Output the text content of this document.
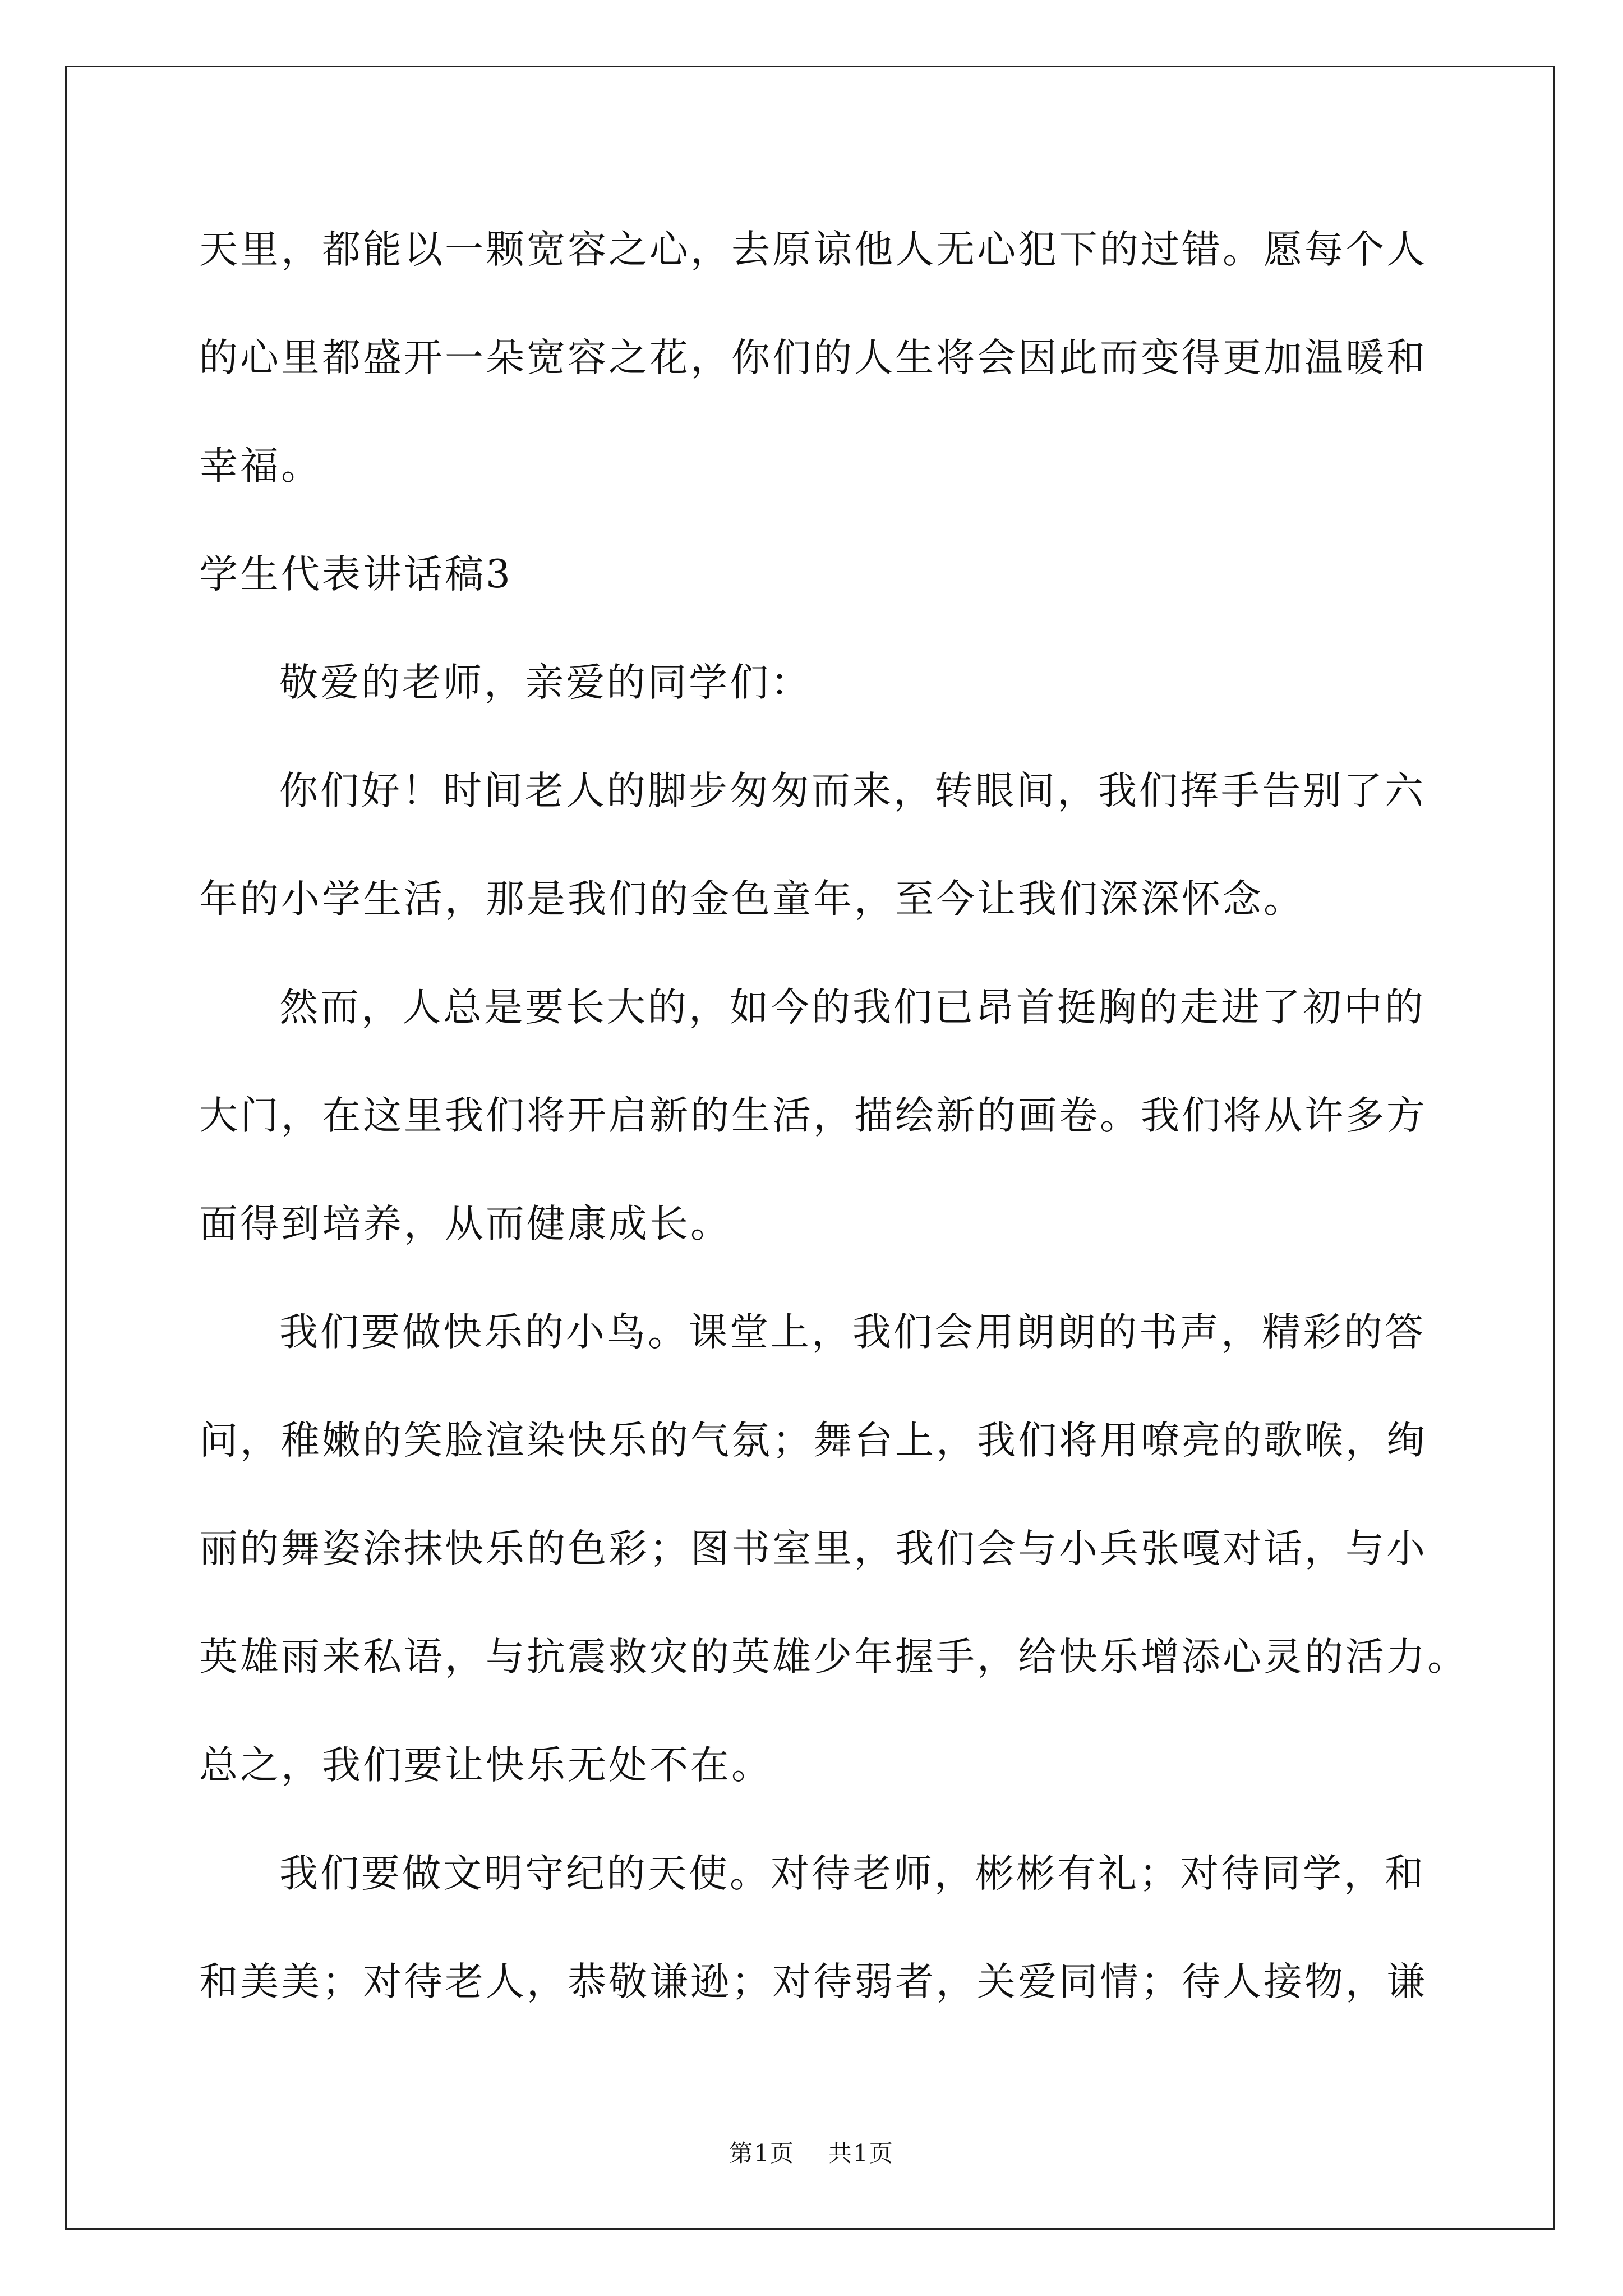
天里，都能以一颗宽容之心，去原谅他人无心犯下的过错。愿每个人
的心里都盛开一朵宽容之花，你们的人生将会因此而变得更加温暖和
幸福。
学生代表讲话稿3
敬爱的老师，亲爱的同学们：
你们好！时间老人的脚步匆匆而来，转眼间，我们挥手告别了六
年的小学生活，那是我们的金色童年，至今让我们深深怀念。
然而，人总是要长大的，如今的我们已昂首挺胸的走进了初中的
大门，在这里我们将开启新的生活，描绘新的画卷。我们将从许多方
面得到培养，从而健康成长。
我们要做快乐的小鸟。课堂上，我们会用朗朗的书声，精彩的答
问，稚嫩的笑脸渲染快乐的气氛；舞台上，我们将用嘹亮的歌喉，绚
丽的舞姿涂抹快乐的色彩；图书室里，我们会与小兵张嘎对话，与小
英雄雨来私语，与抗震救灾的英雄少年握手，给快乐增添心灵的活力。
总之，我们要让快乐无处不在。
我们要做文明守纪的天使。对待老师，彬彬有礼；对待同学，和
和美美；对待老人，恭敬谦逊；对待弱者，关爱同情；待人接物，谦
第1页 共1页
